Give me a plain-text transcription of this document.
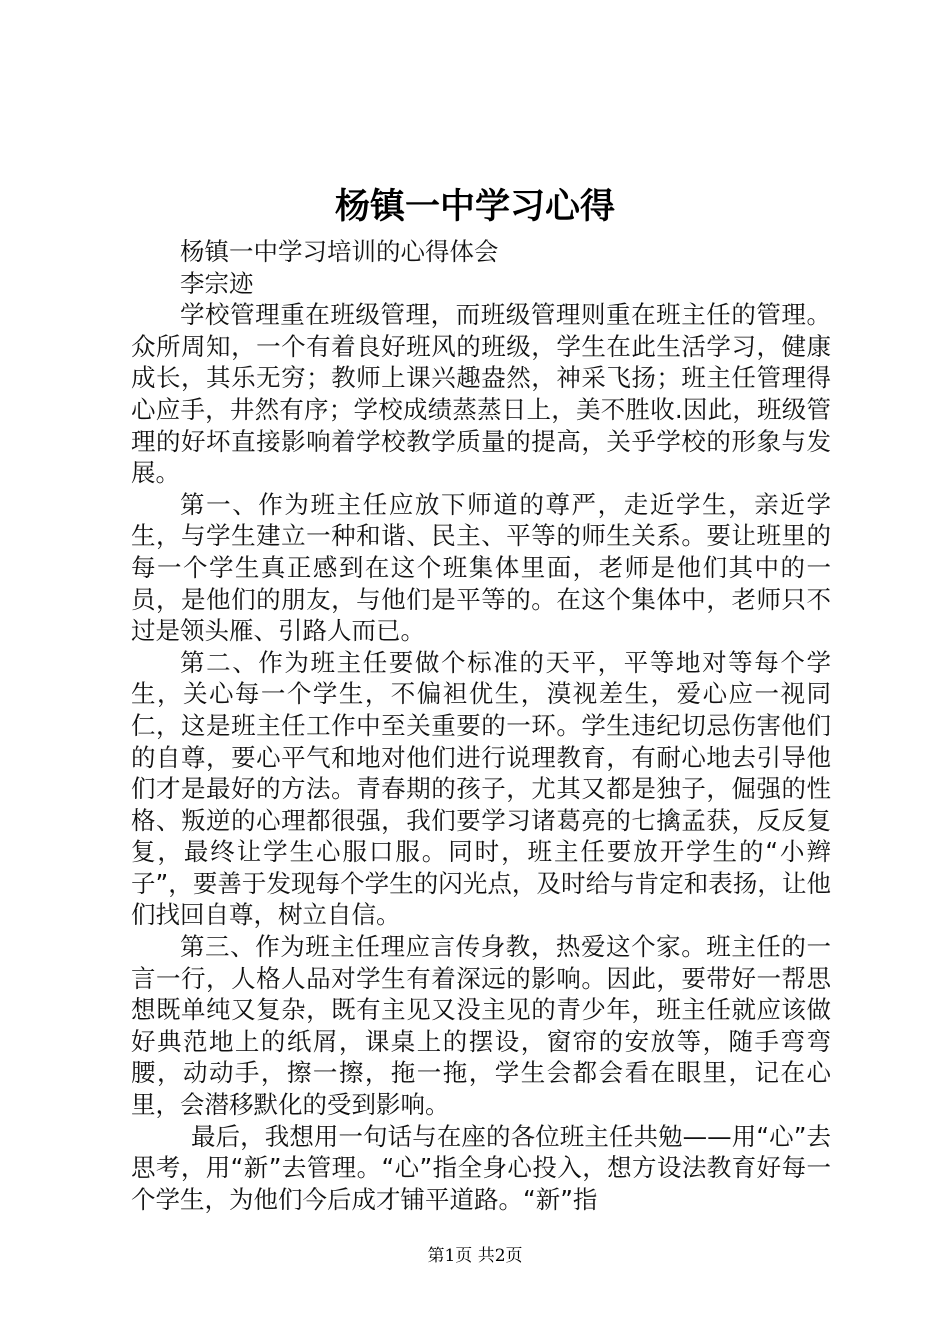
杨镇一中学习心得

杨镇一中学习培训的心得体会

李宗迹

学校管理重在班级管理，而班级管理则重在班主任的管理。众所周知，一个有着良好班风的班级，学生在此生活学习，健康成长，其乐无穷；教师上课兴趣盎然，神采飞扬；班主任管理得心应手，井然有序；学校成绩蒸蒸日上，美不胜收.因此，班级管理的好坏直接影响着学校教学质量的提高，关乎学校的形象与发展。

第一、作为班主任应放下师道的尊严，走近学生，亲近学生，与学生建立一种和谐、民主、平等的师生关系。要让班里的每一个学生真正感到在这个班集体里面，老师是他们其中的一员，是他们的朋友，与他们是平等的。在这个集体中，老师只不过是领头雁、引路人而已。

第二、作为班主任要做个标准的天平，平等地对等每个学生，关心每一个学生，不偏袒优生，漠视差生，爱心应一视同仁，这是班主任工作中至关重要的一环。学生违纪切忌伤害他们的自尊，要心平气和地对他们进行说理教育，有耐心地去引导他们才是最好的方法。青春期的孩子，尤其又都是独子，倔强的性格、叛逆的心理都很强，我们要学习诸葛亮的七擒孟获，反反复复，最终让学生心服口服。同时，班主任要放开学生的“小辫子”，要善于发现每个学生的闪光点，及时给与肯定和表扬，让他们找回自尊，树立自信。

第三、作为班主任理应言传身教，热爱这个家。班主任的一言一行，人格人品对学生有着深远的影响。因此，要带好一帮思想既单纯又复杂，既有主见又没主见的青少年，班主任就应该做好典范地上的纸屑，课桌上的摆设，窗帘的安放等，随手弯弯腰，动动手，擦一擦，拖一拖，学生会都会看在眼里，记在心里，会潜移默化的受到影响。

最后，我想用一句话与在座的各位班主任共勉——用“心”去思考，用“新”去管理。“心”指全身心投入，想方设法教育好每一个学生，为他们今后成才铺平道路。“新”指

第1页 共2页
